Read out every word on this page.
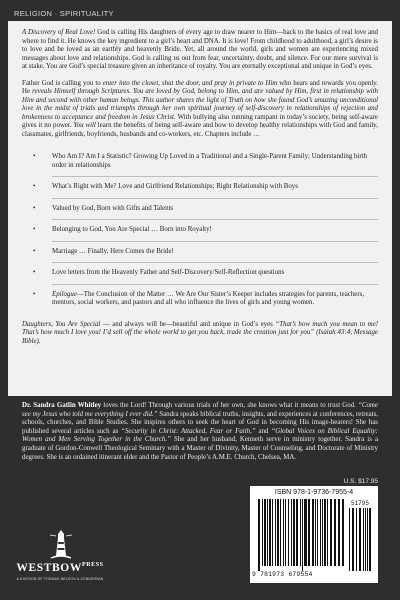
RELIGION · SPIRITUALITY

A Discovery of Real Love! God is calling His daughters of every age to draw nearer to Him—back to the basics of real love and where to find it. He knows the key ingredient to a girl’s heart and DNA. It is love! From childhood to adulthood, a girl’s desire is to love and be loved as an earthly and heavenly Bride. Yet, all around the world, girls and women are experiencing mixed messages about love and relationships. God is calling us out from fear, uncertainty, doubt, and silence. For our mere survival is at stake. You are God’s special treasure given an inheritance of royalty. You are eternally exceptional and unique in God’s eyes.

Father God is calling you to enter into the closet, shut the door, and pray in private to Him who hears and rewards you openly. He reveals Himself through Scriptures. You are loved by God, belong to Him, and are valued by Him, first in relationship with Him and second with other human beings. This author shares the light of Truth on how she found God’s amazing unconditional love in the midst of trials and triumphs through her own spiritual journey of self-discovery in relationships of rejection and brokenness to acceptance and freedom in Jesus Christ. With bullying also running rampant in today’s society, being self-aware gives it no power. You will learn the benefits of being self-aware and how to develop healthy relationships with God and family, classmates, girlfriends, boyfriends, husbands and co-workers, etc. Chapters include …

• Who Am I? Am I a Statistic? Growing Up Loved in a Traditional and a Single-Parent Family; Understanding birth order in relationships
• What’s Right with Me? Love and Girlfriend Relationships; Right Relationship with Boys
• Valued by God, Born with Gifts and Talents
• Belonging to God, You Are Special … Born into Royalty!
• Marriage … Finally, Here Comes the Bride!
• Love letters from the Heavenly Father and Self-Discovery/Self-Reflection questions
• Epilogue—The Conclusion of the Matter … We Are Our Sister’s Keeper includes strategies for parents, teachers, mentors, social workers, and pastors and all who influence the lives of girls and young women.

Daughters, You Are Special — and always will be—beautiful and unique in God’s eyes “That’s how much you mean to me! That’s how much I love you! I’d sell off the whole world to get you back, trade the creation just for you” (Isaiah 43:4, Message Bible).

Dr. Sandra Gatlin Whitley loves the Lord! Through various trials of her own, she knows what it means to trust God. “Come see my Jesus who told me everything I ever did.” Sandra speaks biblical truths, insights, and experiences at conferences, retreats, schools, churches, and Bible Studies. She inspires others to seek the heart of God in becoming His image-bearers! She has published several articles such as “Security in Christ: Attacked, Fear or Faith,” and “Global Voices on Biblical Equality: Women and Men Serving Together in the Church.” She and her husband, Kenneth serve in ministry together. Sandra is a graduate of Gordon-Conwell Theological Seminary with a Master of Divinity, Master of Counseling, and Doctorate of Ministry degrees. She is an ordained itinerant elder and the Pastor of People’s A.M.E. Church, Chelsea, MA.
U.S. $17.95
ISBN 978-1-9736-7955-4
51795
9 781973 679554
$WESTBOW^{PRESS}$
A DIVISION OF THOMAS NELSON & ZONDERVAN
